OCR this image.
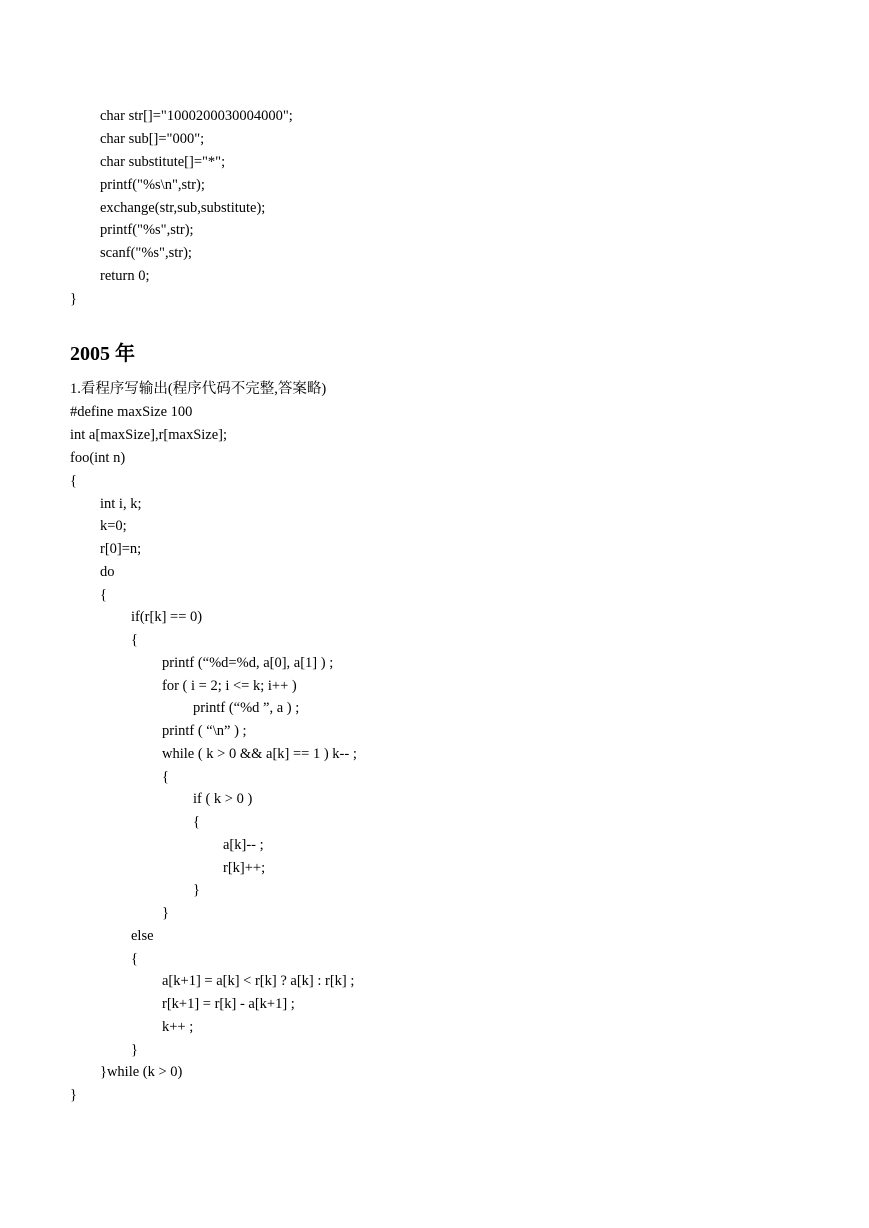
char str[]="1000200030004000";
char sub[]="000";
char substitute[]="*";
printf("%s\n",str);
exchange(str,sub,substitute);
printf("%s",str);
scanf("%s",str);
return 0;
}
2005 年
1.看程序写输出(程序代码不完整,答案略)
#define maxSize 100
int a[maxSize],r[maxSize];
foo(int n)
{
int i, k;
k=0;
r[0]=n;
do
{
if(r[k] == 0)
{
printf (“%d=%d, a[0], a[1] ) ;
for ( i = 2; i <= k; i++ )
printf (“%d ”, a ) ;
printf ( “\n” ) ;
while ( k > 0 && a[k] == 1 ) k-- ;
{
if ( k > 0 )
{
a[k]-- ;
r[k]++;
}
}
else
{
a[k+1] = a[k] < r[k] ? a[k] : r[k] ;
r[k+1] = r[k] - a[k+1] ;
k++ ;
}
}while (k > 0)
}
